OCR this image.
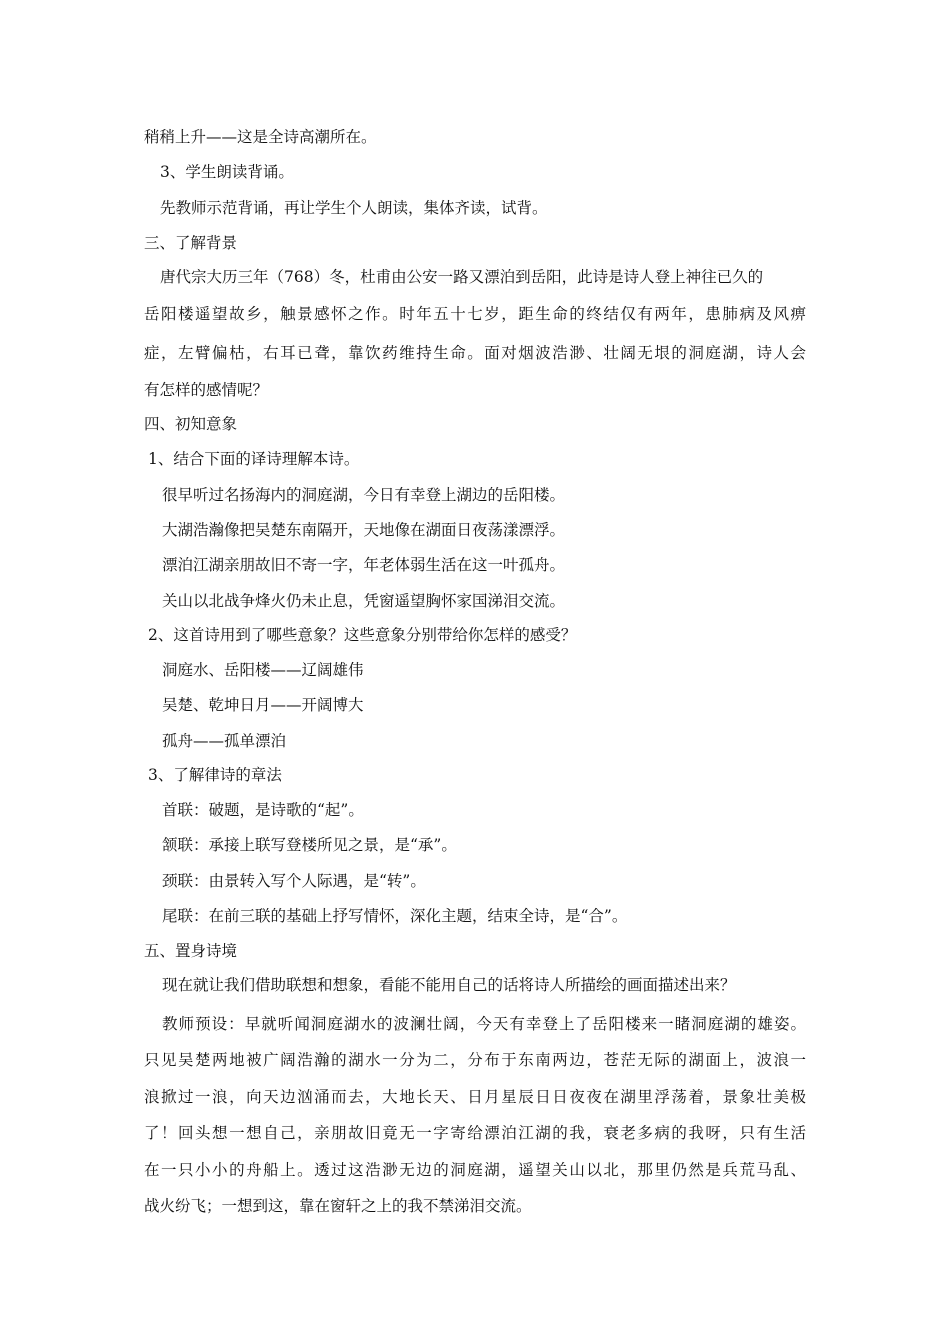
稍稍上升——这是全诗高潮所在。
3、学生朗读背诵。
先教师示范背诵，再让学生个人朗读，集体齐读，试背。
三、了解背景
唐代宗大历三年（768）冬，杜甫由公安一路又漂泊到岳阳，此诗是诗人登上神往已久的
岳阳楼遥望故乡，触景感怀之作。时年五十七岁，距生命的终结仅有两年，患肺病及风痹
症，左臂偏枯，右耳已聋，靠饮药维持生命。面对烟波浩渺、壮阔无垠的洞庭湖，诗人会
有怎样的感情呢？
四、初知意象
1、结合下面的译诗理解本诗。
很早听过名扬海内的洞庭湖，今日有幸登上湖边的岳阳楼。
大湖浩瀚像把吴楚东南隔开，天地像在湖面日夜荡漾漂浮。
漂泊江湖亲朋故旧不寄一字，年老体弱生活在这一叶孤舟。
关山以北战争烽火仍未止息，凭窗遥望胸怀家国涕泪交流。
2、这首诗用到了哪些意象？这些意象分别带给你怎样的感受？
洞庭水、岳阳楼——辽阔雄伟
吴楚、乾坤日月——开阔博大
孤舟——孤单漂泊
3、了解律诗的章法
首联：破题，是诗歌的“起”。
颔联：承接上联写登楼所见之景，是“承”。
颈联：由景转入写个人际遇，是“转”。
尾联：在前三联的基础上抒写情怀，深化主题，结束全诗，是“合”。
五、置身诗境
现在就让我们借助联想和想象，看能不能用自己的话将诗人所描绘的画面描述出来？
教师预设：早就听闻洞庭湖水的波澜壮阔，今天有幸登上了岳阳楼来一睹洞庭湖的雄姿。
只见吴楚两地被广阔浩瀚的湖水一分为二，分布于东南两边，苍茫无际的湖面上，波浪一
浪掀过一浪，向天边汹涌而去，大地长天、日月星辰日日夜夜在湖里浮荡着，景象壮美极
了！回头想一想自己，亲朋故旧竟无一字寄给漂泊江湖的我，衰老多病的我呀，只有生活
在一只小小的舟船上。透过这浩渺无边的洞庭湖，遥望关山以北，那里仍然是兵荒马乱、
战火纷飞；一想到这，靠在窗轩之上的我不禁涕泪交流。
